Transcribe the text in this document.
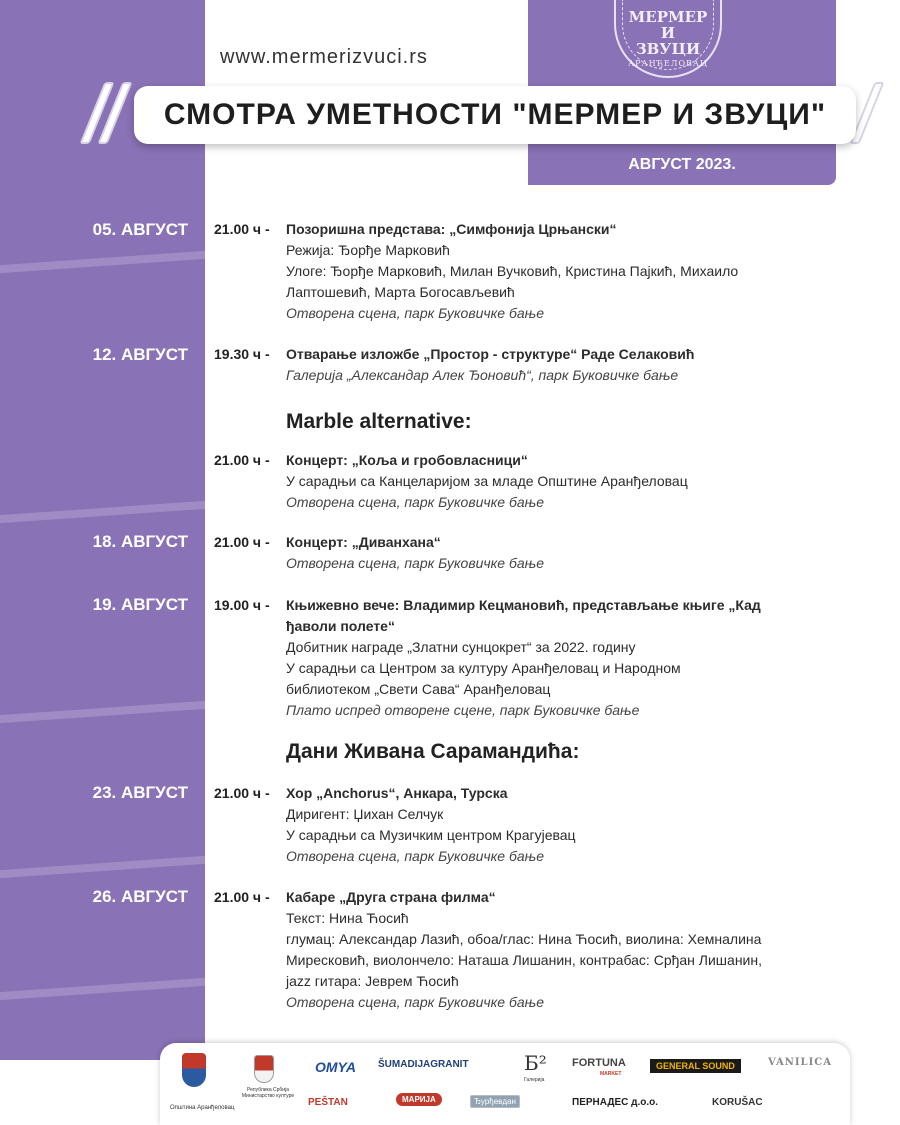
МЕРМЕР
И
ЗВУЦИ
АРАНЂЕЛОВАЦ
АВГУСТ 2023.
www.mermerizvuci.rs
СМОТРА УМЕТНОСТИ "МЕРМЕР И ЗВУЦИ"
05. АВГУСТ 21.00 ч - Позоришна представа: „Симфонија Црњански“
Режија: Ђорђе Марковић
Улоге: Ђорђе Марковић, Милан Вучковић, Кристина Пајкић, Михаило
Лаптошевић, Марта Богосављевић
Отворена сцена, парк Буковичке бање
12. АВГУСТ 19.30 ч - Отварање изложбе „Простор - структуре“ Раде Селаковић
Галерија „Александар Алек Ђоновић“, парк Буковичке бање
Marble alternative:
21.00 ч - Концерт: „Коља и гробовласници“
У сарадњи са Канцеларијом за младе Општине Аранђеловац
Отворена сцена, парк Буковичке бање
18. АВГУСТ 21.00 ч - Концерт: „Диванхана“
Отворена сцена, парк Буковичке бање
19. АВГУСТ 19.00 ч - Књижевно вече: Владимир Кецмановић, представљање књиге „Кад
ђаволи полете“
Добитник награде „Златни сунцокрет“ за 2022. годину
У сарадњи са Центром за културу Аранђеловац и Народном
библиотеком „Свети Сава“ Аранђеловац
Плато испред отворене сцене, парк Буковичке бање
Дани Живана Сарамандића:
23. АВГУСТ 21.00 ч - Хор „Anchorus“, Анкара, Турска
Диригент: Џихан Селчук
У сарадњи са Музичким центром Крагујевац
Отворена сцена, парк Буковичке бање
26. АВГУСТ 21.00 ч - Кабаре „Друга страна филма“
Текст: Нина Ћосић
глумац: Александар Лазић, обоа/глас: Нина Ћосић, виолина: Хемналина
Миресковић, виолончело: Наташа Лишанин, контрабас: Срђан Лишанин,
jazz гитара: Јеврем Ћосић
Отворена сцена, парк Буковичке бање
Општина Аранђеловац
Република Србија Министарство културе
OMYA ŠUMADIJAGRANIT	Б²
Галерија
FORTUNA
MARKET
GENERAL SOUND	VANILICA
PEŠTAN	МАРИЈА	Ђурђевдан	ПЕРНАДЕС д.о.о.	KORUŠAC
